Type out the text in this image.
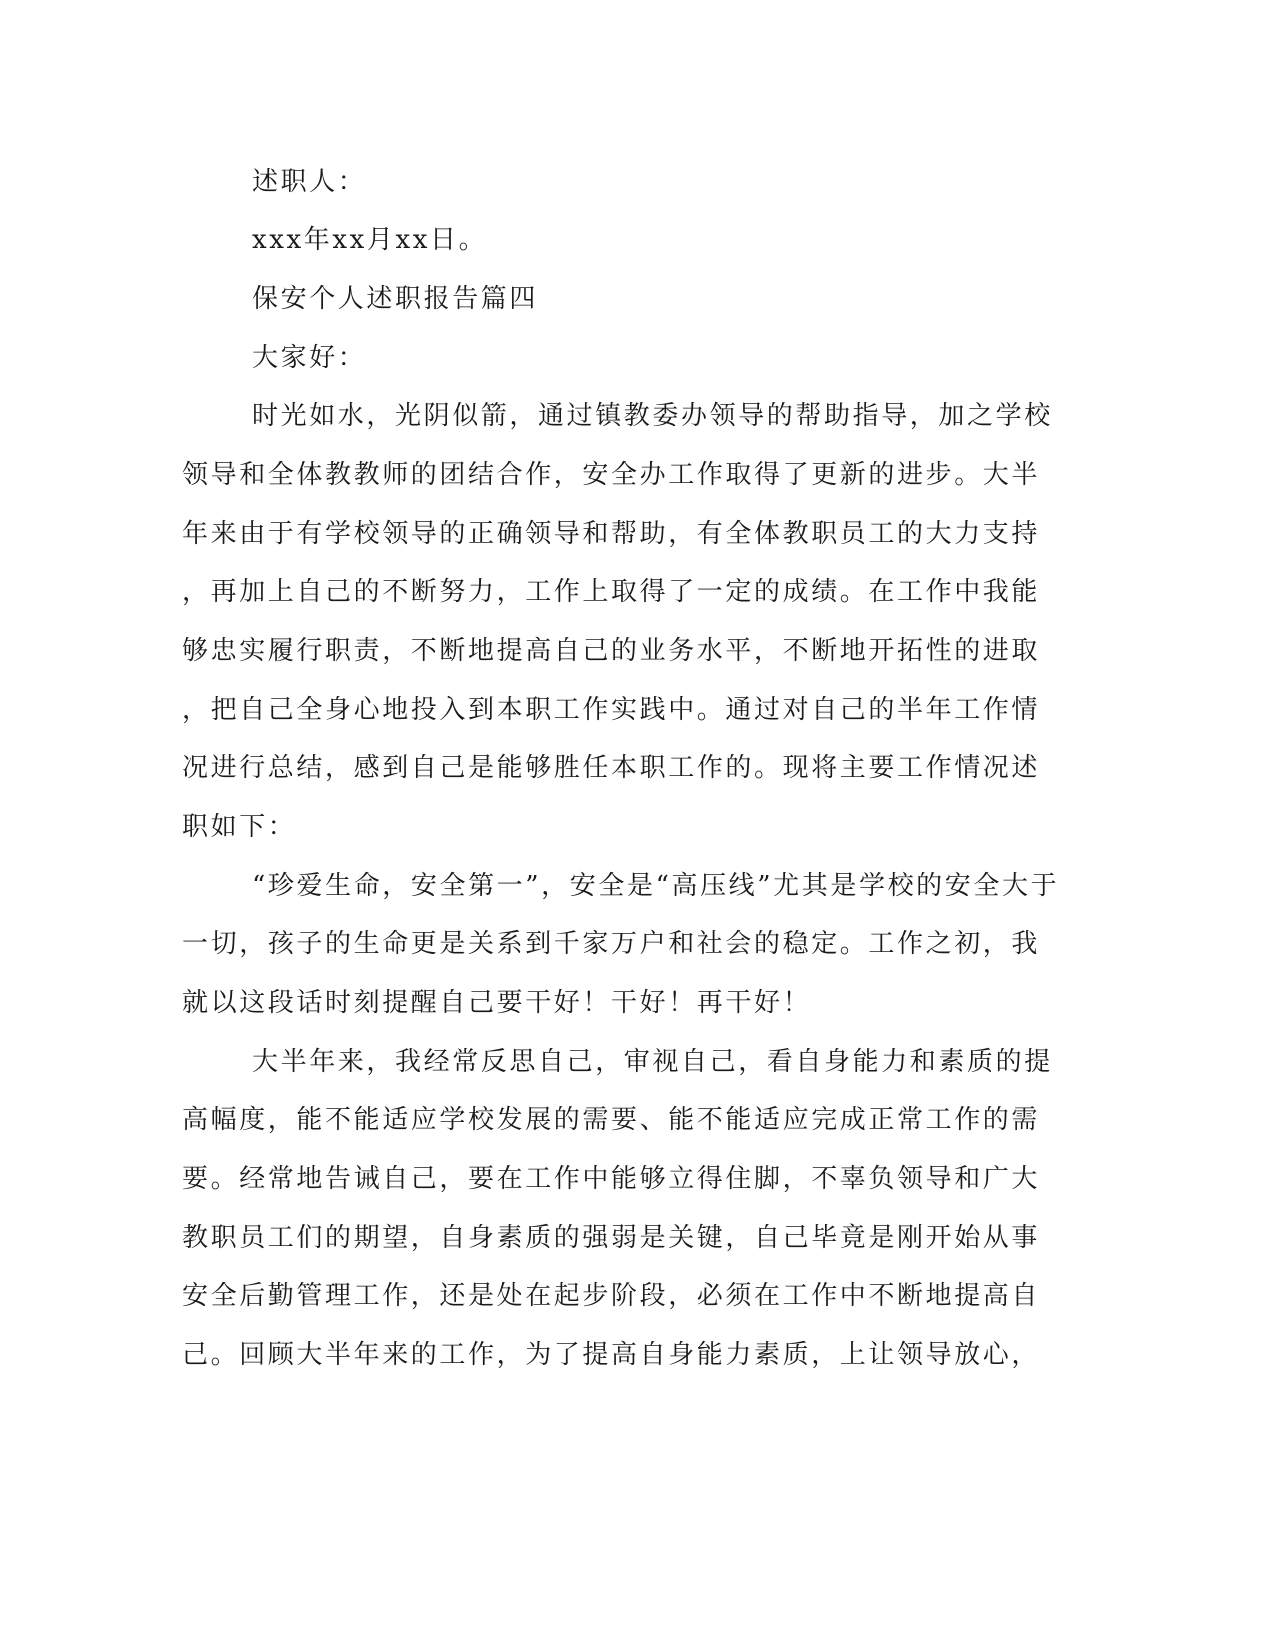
述职人：
xxx年xx月xx日。
保安个人述职报告篇四
大家好：
时光如水，光阴似箭，通过镇教委办领导的帮助指导，加之学校
领导和全体教教师的团结合作，安全办工作取得了更新的进步。大半
年来由于有学校领导的正确领导和帮助，有全体教职员工的大力支持
，再加上自己的不断努力，工作上取得了一定的成绩。在工作中我能
够忠实履行职责，不断地提高自己的业务水平，不断地开拓性的进取
，把自己全身心地投入到本职工作实践中。通过对自己的半年工作情
况进行总结，感到自己是能够胜任本职工作的。现将主要工作情况述
职如下：
“珍爱生命，安全第一”，安全是“高压线”尤其是学校的安全大于
一切，孩子的生命更是关系到千家万户和社会的稳定。工作之初，我
就以这段话时刻提醒自己要干好！干好！再干好！
大半年来，我经常反思自己，审视自己，看自身能力和素质的提
高幅度，能不能适应学校发展的需要、能不能适应完成正常工作的需
要。经常地告诫自己，要在工作中能够立得住脚，不辜负领导和广大
教职员工们的期望，自身素质的强弱是关键，自己毕竟是刚开始从事
安全后勤管理工作，还是处在起步阶段，必须在工作中不断地提高自
己。回顾大半年来的工作，为了提高自身能力素质，上让领导放心，
